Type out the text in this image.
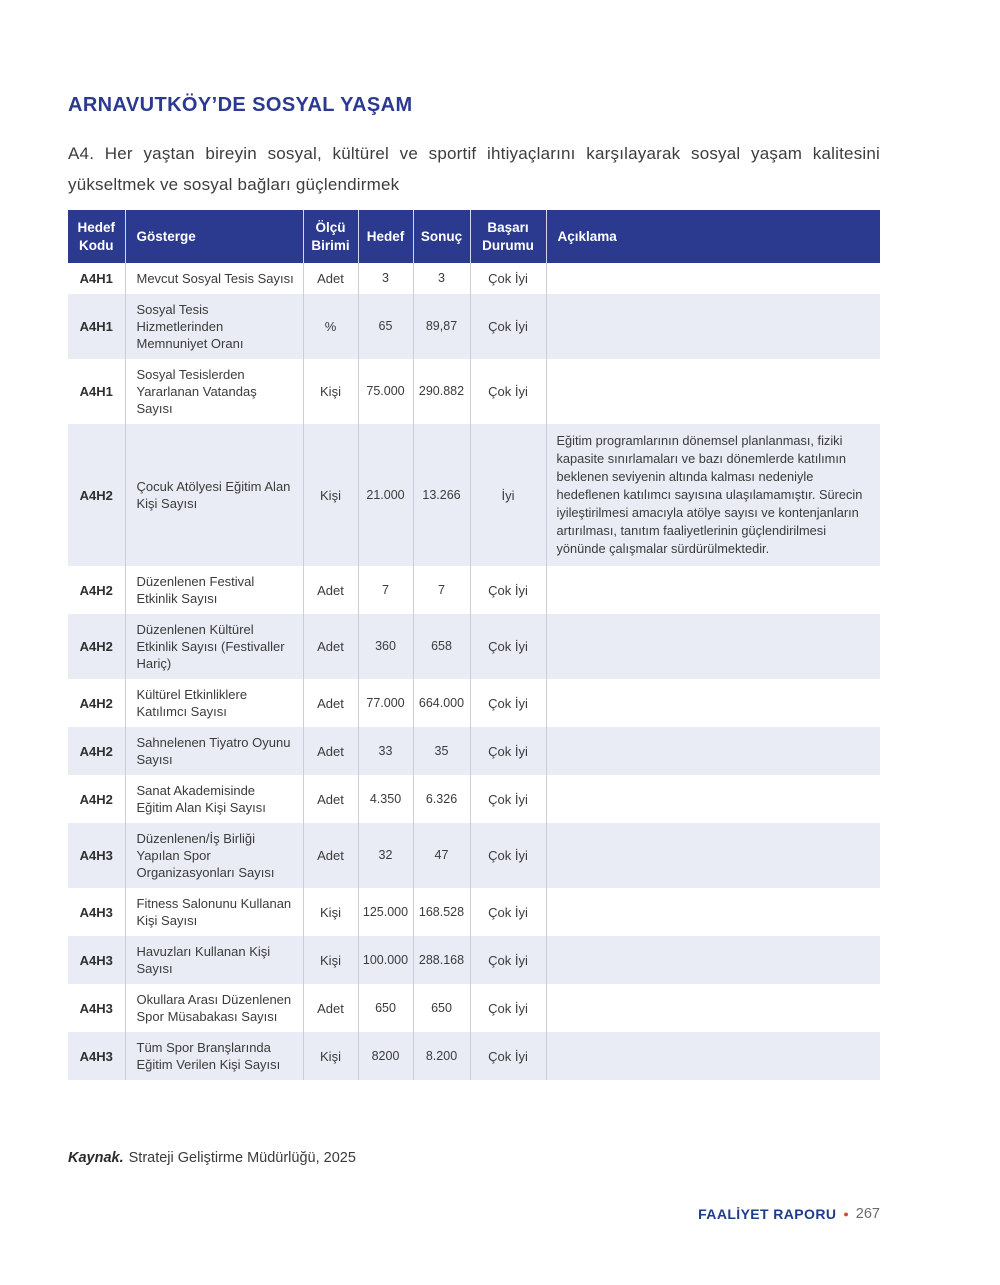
ARNAVUTKÖY’DE SOSYAL YAŞAM

A4. Her yaştan bireyin sosyal, kültürel ve sportif ihtiyaçlarını karşılayarak sosyal yaşam kalitesini yükseltmek ve sosyal bağları güçlendirmek

Hedef Kodu	Gösterge	Ölçü Birimi	Hedef	Sonuç	Başarı Durumu	Açıklama
A4H1	Mevcut Sosyal Tesis Sayısı	Adet	3	3	Çok İyi	
A4H1	Sosyal Tesis Hizmetlerinden Memnuniyet Oranı	%	65	89,87	Çok İyi	
A4H1	Sosyal Tesislerden Yararlanan Vatandaş Sayısı	Kişi	75.000	290.882	Çok İyi	
A4H2	Çocuk Atölyesi Eğitim Alan Kişi Sayısı	Kişi	21.000	13.266	İyi	Eğitim programlarının dönemsel planlanması, fiziki kapasite sınırlamaları ve bazı dönemlerde katılımın beklenen seviyenin altında kalması nedeniyle hedeflenen katılımcı sayısına ulaşılamamıştır. Sürecin iyileştirilmesi amacıyla atölye sayısı ve kontenjanların artırılması, tanıtım faaliyetlerinin güçlendirilmesi yönünde çalışmalar sürdürülmektedir.
A4H2	Düzenlenen Festival Etkinlik Sayısı	Adet	7	7	Çok İyi	
A4H2	Düzenlenen Kültürel Etkinlik Sayısı (Festivaller Hariç)	Adet	360	658	Çok İyi	
A4H2	Kültürel Etkinliklere Katılımcı Sayısı	Adet	77.000	664.000	Çok İyi	
A4H2	Sahnelenen Tiyatro Oyunu Sayısı	Adet	33	35	Çok İyi	
A4H2	Sanat Akademisinde Eğitim Alan Kişi Sayısı	Adet	4.350	6.326	Çok İyi	
A4H3	Düzenlenen/İş Birliği Yapılan Spor Organizasyonları Sayısı	Adet	32	47	Çok İyi	
A4H3	Fitness Salonunu Kullanan Kişi Sayısı	Kişi	125.000	168.528	Çok İyi	
A4H3	Havuzları Kullanan Kişi Sayısı	Kişi	100.000	288.168	Çok İyi	
A4H3	Okullara Arası Düzenlenen Spor Müsabakası Sayısı	Adet	650	650	Çok İyi	
A4H3	Tüm Spor Branşlarında Eğitim Verilen Kişi Sayısı	Kişi	8200	8.200	Çok İyi	

Kaynak. Strateji Geliştirme Müdürlüğü, 2025

FAALİYET RAPORU ● 267
